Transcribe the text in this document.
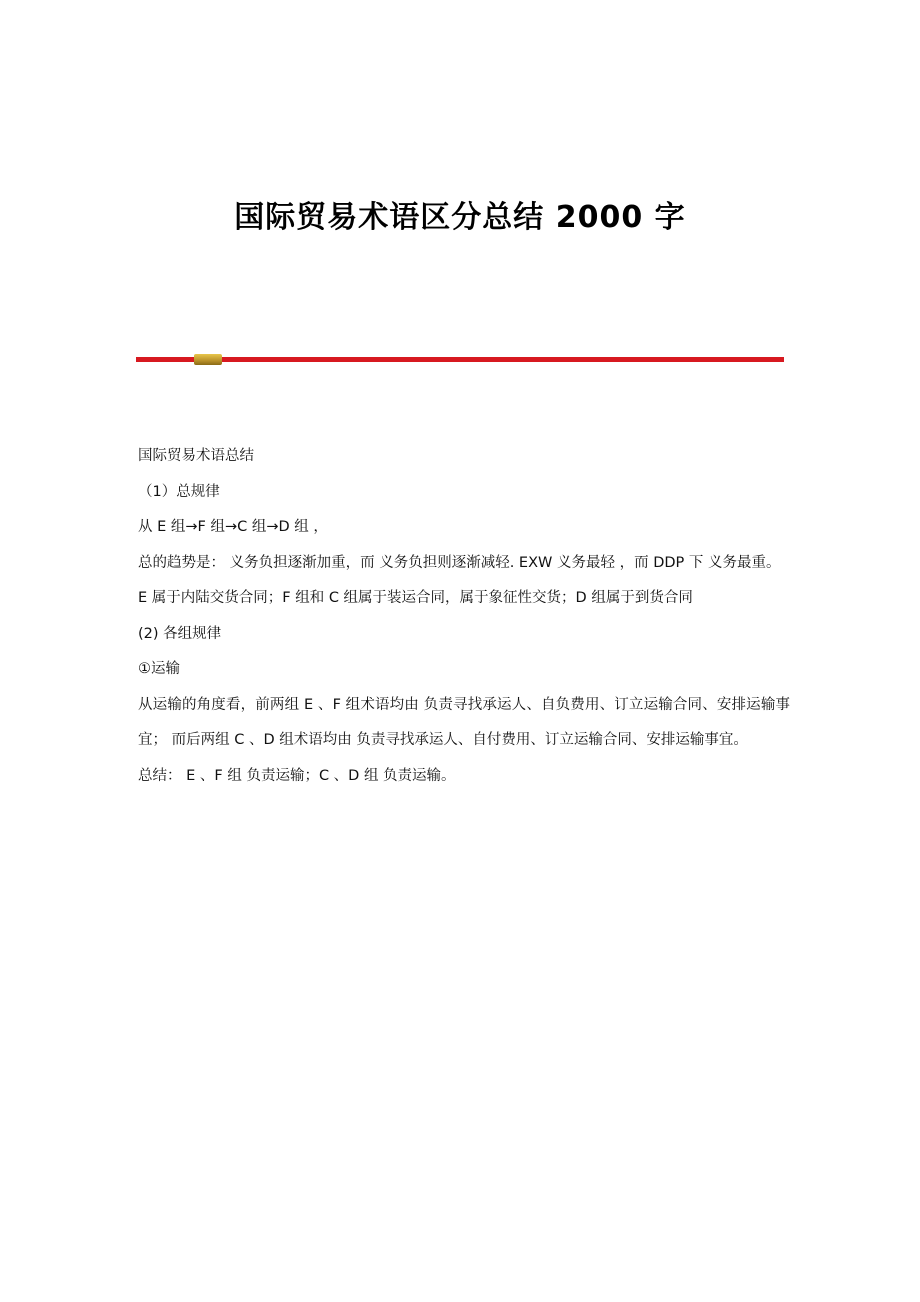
国际贸易术语区分总结 2000 字

国际贸易术语总结

（1）总规律

从 E 组→F 组→C 组→D 组 ，

总的趋势是： 义务负担逐渐加重，而 义务负担则逐渐减轻. EXW 义务最轻 ，而 DDP 下 义务最重。

E 属于内陆交货合同；F 组和 C 组属于装运合同，属于象征性交货；D 组属于到货合同

(2) 各组规律

①运输

从运输的角度看，前两组 E 、F 组术语均由 负责寻找承运人、自负费用、订立运输合同、安排运输事宜； 而后两组 C 、D 组术语均由 负责寻找承运人、自付费用、订立运输合同、安排运输事宜。

总结： E 、F 组 负责运输；C 、D 组 负责运输。
